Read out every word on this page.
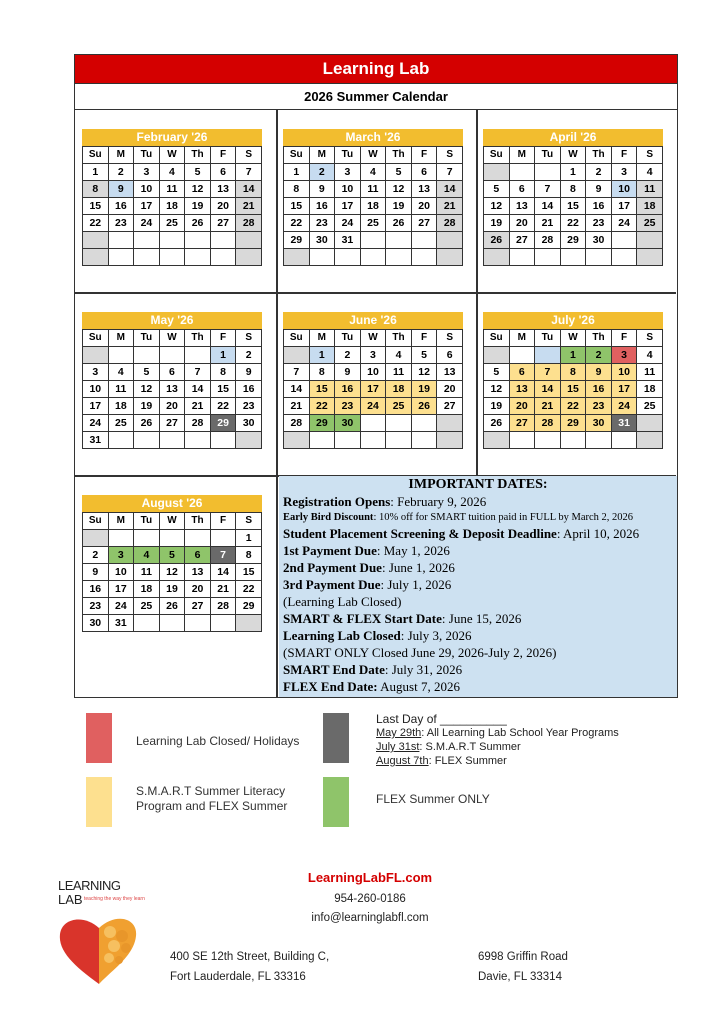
Learning Lab
2026 Summer Calendar
February '26
Su	M	Tu	W	Th	F	S
1	2	3	4	5	6	7
8	9	10	11	12	13	14
15	16	17	18	19	20	21
22	23	24	25	26	27	28

March '26
Su	M	Tu	W	Th	F	S
1	2	3	4	5	6	7
8	9	10	11	12	13	14
15	16	17	18	19	20	21
22	23	24	25	26	27	28
29	30	31				

April '26
Su	M	Tu	W	Th	F	S
			1	2	3	4
5	6	7	8	9	10	11
12	13	14	15	16	17	18
19	20	21	22	23	24	25
26	27	28	29	30		

May '26
Su	M	Tu	W	Th	F	S
					1	2
3	4	5	6	7	8	9
10	11	12	13	14	15	16
17	18	19	20	21	22	23
24	25	26	27	28	29	30
31						
June '26
Su	M	Tu	W	Th	F	S
	1	2	3	4	5	6
7	8	9	10	11	12	13
14	15	16	17	18	19	20
21	22	23	24	25	26	27
28	29	30				

July '26
Su	M	Tu	W	Th	F	S
			1	2	3	4
5	6	7	8	9	10	11
12	13	14	15	16	17	18
19	20	21	22	23	24	25
26	27	28	29	30	31	

August '26
Su	M	Tu	W	Th	F	S
						1
2	3	4	5	6	7	8
9	10	11	12	13	14	15
16	17	18	19	20	21	22
23	24	25	26	27	28	29
30	31					
IMPORTANT DATES:
Registration Opens: February 9, 2026
Early Bird Discount: 10% off for SMART tuition paid in FULL by March 2, 2026
Student Placement Screening & Deposit Deadline: April 10, 2026
1st Payment Due: May 1, 2026
2nd Payment Due: June 1, 2026
3rd Payment Due: July 1, 2026
(Learning Lab Closed)
SMART & FLEX Start Date: June 15, 2026
Learning Lab Closed: July 3, 2026
(SMART ONLY Closed June 29, 2026-July 2, 2026)
SMART End Date: July 31, 2026
FLEX End Date: August 7, 2026
Learning Lab Closed/ Holidays
S.M.A.R.T Summer Literacy
Program and FLEX Summer
Last Day of __________
May 29th: All Learning Lab School Year Programs
July 31st: S.M.A.R.T Summer
August 7th: FLEX Summer
FLEX Summer ONLY
LEARNING
LAB teaching the way they learn
LearningLabFL.com
954-260-0186
info@learninglabfl.com
400 SE 12th Street, Building C,
Fort Lauderdale, FL 33316
6998 Griffin Road
Davie, FL 33314
